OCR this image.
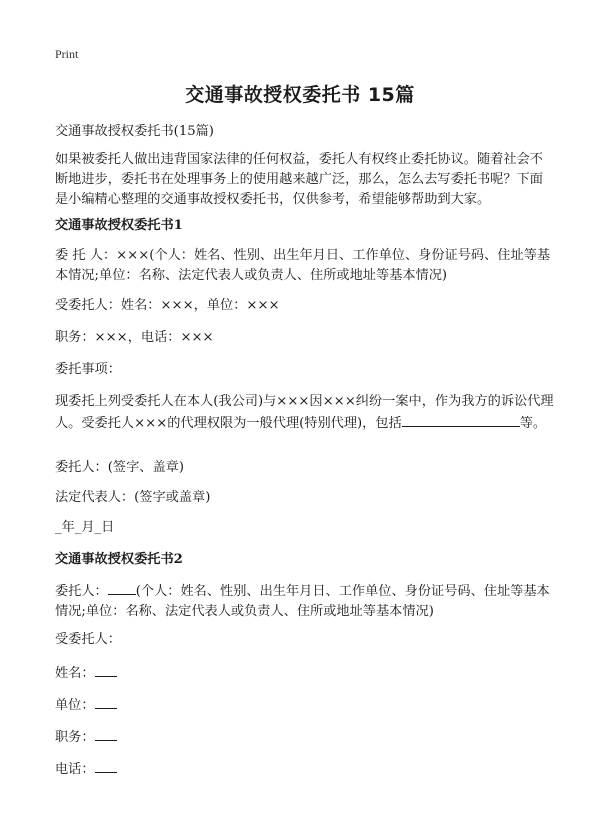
Print
交通事故授权委托书 15篇

交通事故授权委托书(15篇)

如果被委托人做出违背国家法律的任何权益，委托人有权终止委托协议。随着社会不断地进步，委托书在处理事务上的使用越来越广泛，那么，怎么去写委托书呢？下面是小编精心整理的交通事故授权委托书，仅供参考，希望能够帮助到大家。

交通事故授权委托书1

委 托 人：×××(个人：姓名、性别、出生年月日、工作单位、身份证号码、住址等基本情况;单位：名称、法定代表人或负责人、住所或地址等基本情况)

受委托人：姓名：×××，单位：×××

职务：×××，电话：×××

委托事项：

现委托上列受委托人在本人(我公司)与×××因×××纠纷一案中，作为我方的诉讼代理人。受委托人×××的代理权限为一般代理(特别代理)，包括	等。

委托人：(签字、盖章)

法定代表人：(签字或盖章)

_年_月_日

交通事故授权委托书2

委托人： (个人：姓名、性别、出生年月日、工作单位、身份证号码、住址等基本情况;单位：名称、法定代表人或负责人、住所或地址等基本情况)

受委托人：

姓名：

单位：

职务：

电话：
